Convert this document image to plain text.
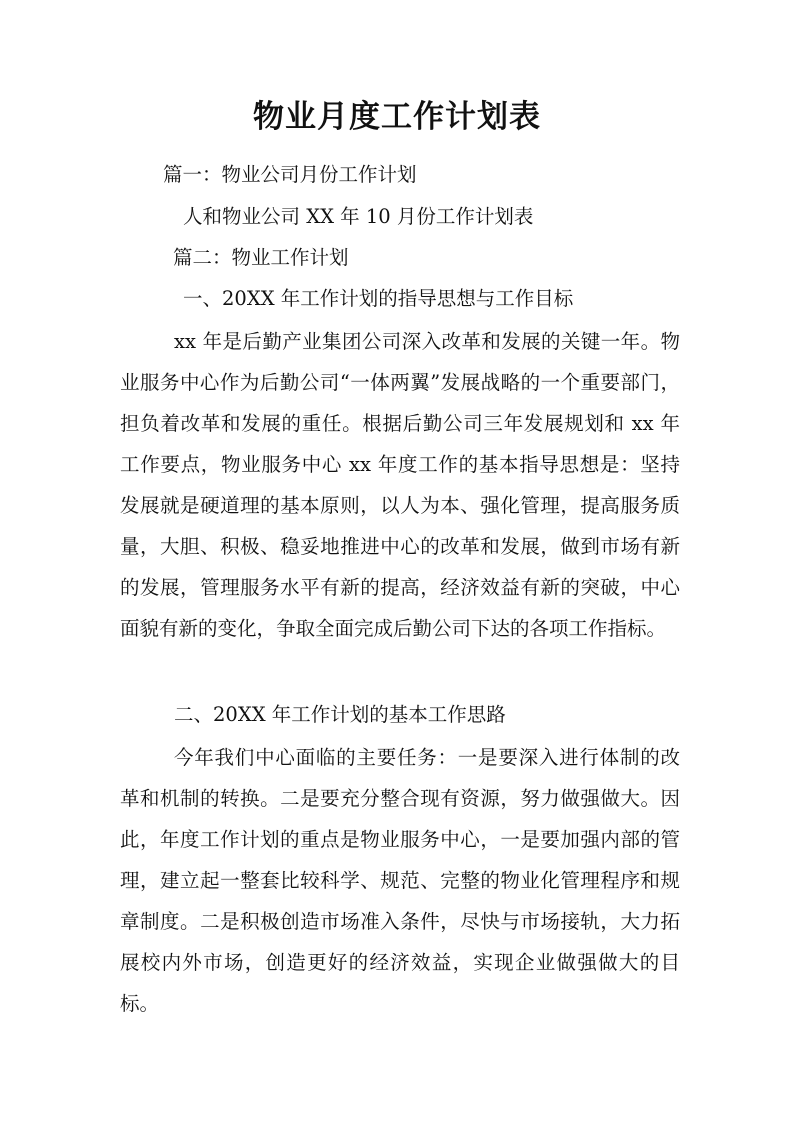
物业月度工作计划表
篇一：物业公司月份工作计划
人和物业公司 XX 年 10 月份工作计划表
篇二：物业工作计划
一、20XX 年工作计划的指导思想与工作目标
xx 年是后勤产业集团公司深入改革和发展的关键一年。物业服务中心作为后勤公司“一体两翼”发展战略的一个重要部门，担负着改革和发展的重任。根据后勤公司三年发展规划和 xx 年工作要点，物业服务中心 xx 年度工作的基本指导思想是：坚持发展就是硬道理的基本原则，以人为本、强化管理，提高服务质量，大胆、积极、稳妥地推进中心的改革和发展，做到市场有新的发展，管理服务水平有新的提高，经济效益有新的突破，中心面貌有新的变化，争取全面完成后勤公司下达的各项工作指标。
二、20XX 年工作计划的基本工作思路
今年我们中心面临的主要任务：一是要深入进行体制的改革和机制的转换。二是要充分整合现有资源，努力做强做大。因此，年度工作计划的重点是物业服务中心，一是要加强内部的管理，建立起一整套比较科学、规范、完整的物业化管理程序和规章制度。二是积极创造市场准入条件，尽快与市场接轨，大力拓展校内外市场，创造更好的经济效益，实现企业做强做大的目标。
